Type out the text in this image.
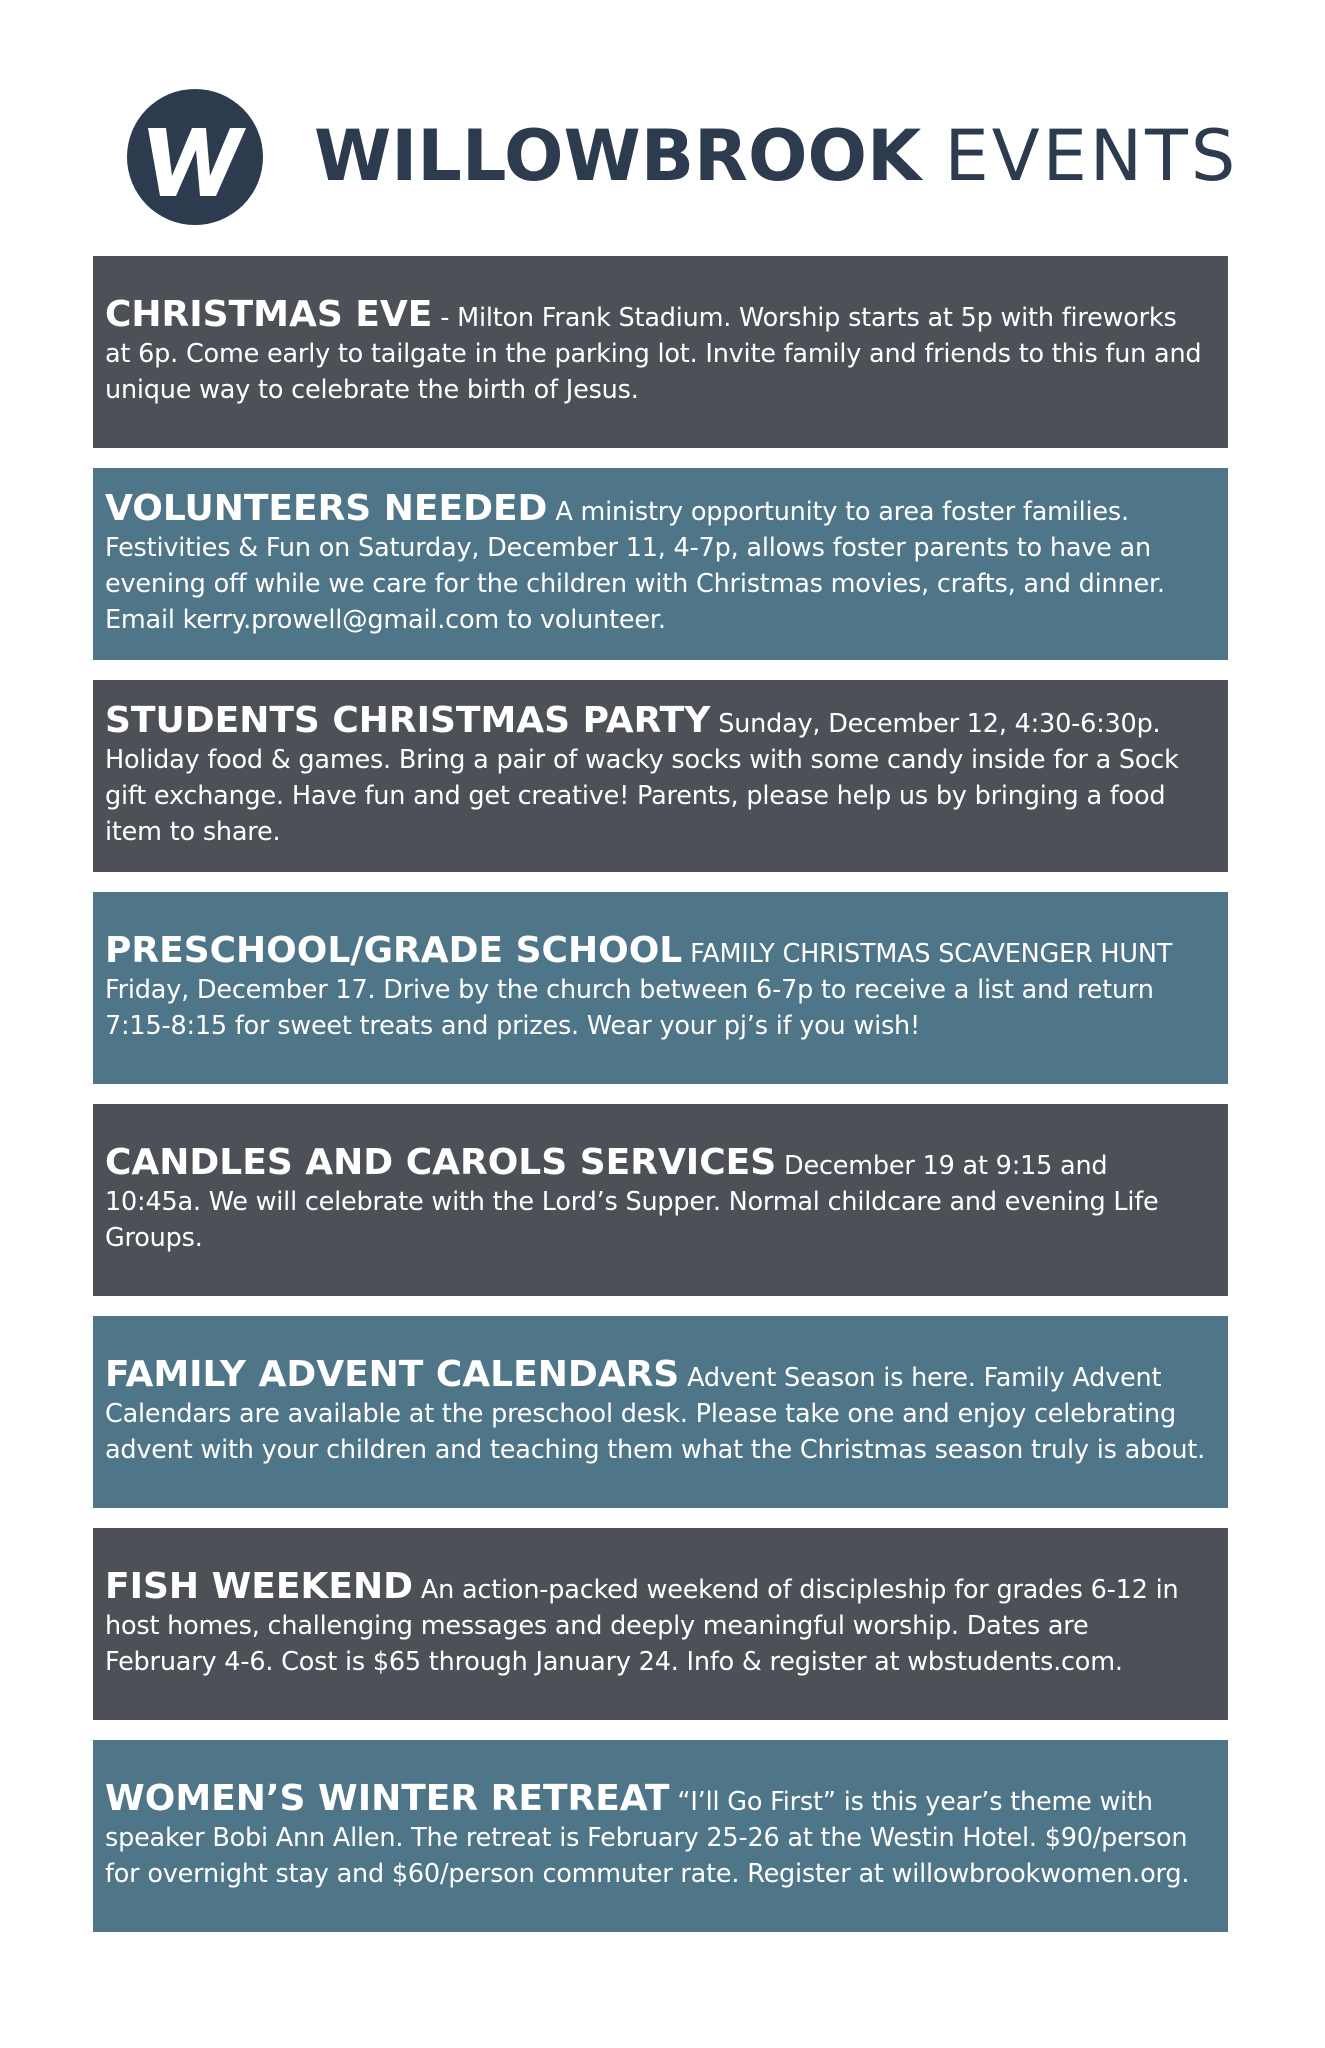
WILLOWBROOK EVENTS
CHRISTMAS EVE - Milton Frank Stadium. Worship starts at 5p with fireworks at 6p. Come early to tailgate in the parking lot. Invite family and friends to this fun and unique way to celebrate the birth of Jesus.
VOLUNTEERS NEEDED A ministry opportunity to area foster families. Festivities & Fun on Saturday, December 11, 4-7p, allows foster parents to have an evening off while we care for the children with Christmas movies, crafts, and dinner. Email kerry.prowell@gmail.com to volunteer.
STUDENTS CHRISTMAS PARTY Sunday, December 12, 4:30-6:30p. Holiday food & games. Bring a pair of wacky socks with some candy inside for a Sock gift exchange. Have fun and get creative! Parents, please help us by bringing a food item to share.
PRESCHOOL/GRADE SCHOOL FAMILY CHRISTMAS SCAVENGER HUNT Friday, December 17. Drive by the church between 6-7p to receive a list and return 7:15-8:15 for sweet treats and prizes. Wear your pj’s if you wish!
CANDLES AND CAROLS SERVICES December 19 at 9:15 and 10:45a. We will celebrate with the Lord’s Supper. Normal childcare and evening Life Groups.
FAMILY ADVENT CALENDARS Advent Season is here. Family Advent Calendars are available at the preschool desk. Please take one and enjoy celebrating advent with your children and teaching them what the Christmas season truly is about.
FISH WEEKEND An action-packed weekend of discipleship for grades 6-12 in host homes, challenging messages and deeply meaningful worship. Dates are February 4-6. Cost is $65 through January 24. Info & register at wbstudents.com.
WOMEN’S WINTER RETREAT “I’ll Go First” is this year’s theme with speaker Bobi Ann Allen. The retreat is February 25-26 at the Westin Hotel. $90/person for overnight stay and $60/person commuter rate. Register at willowbrookwomen.org.
